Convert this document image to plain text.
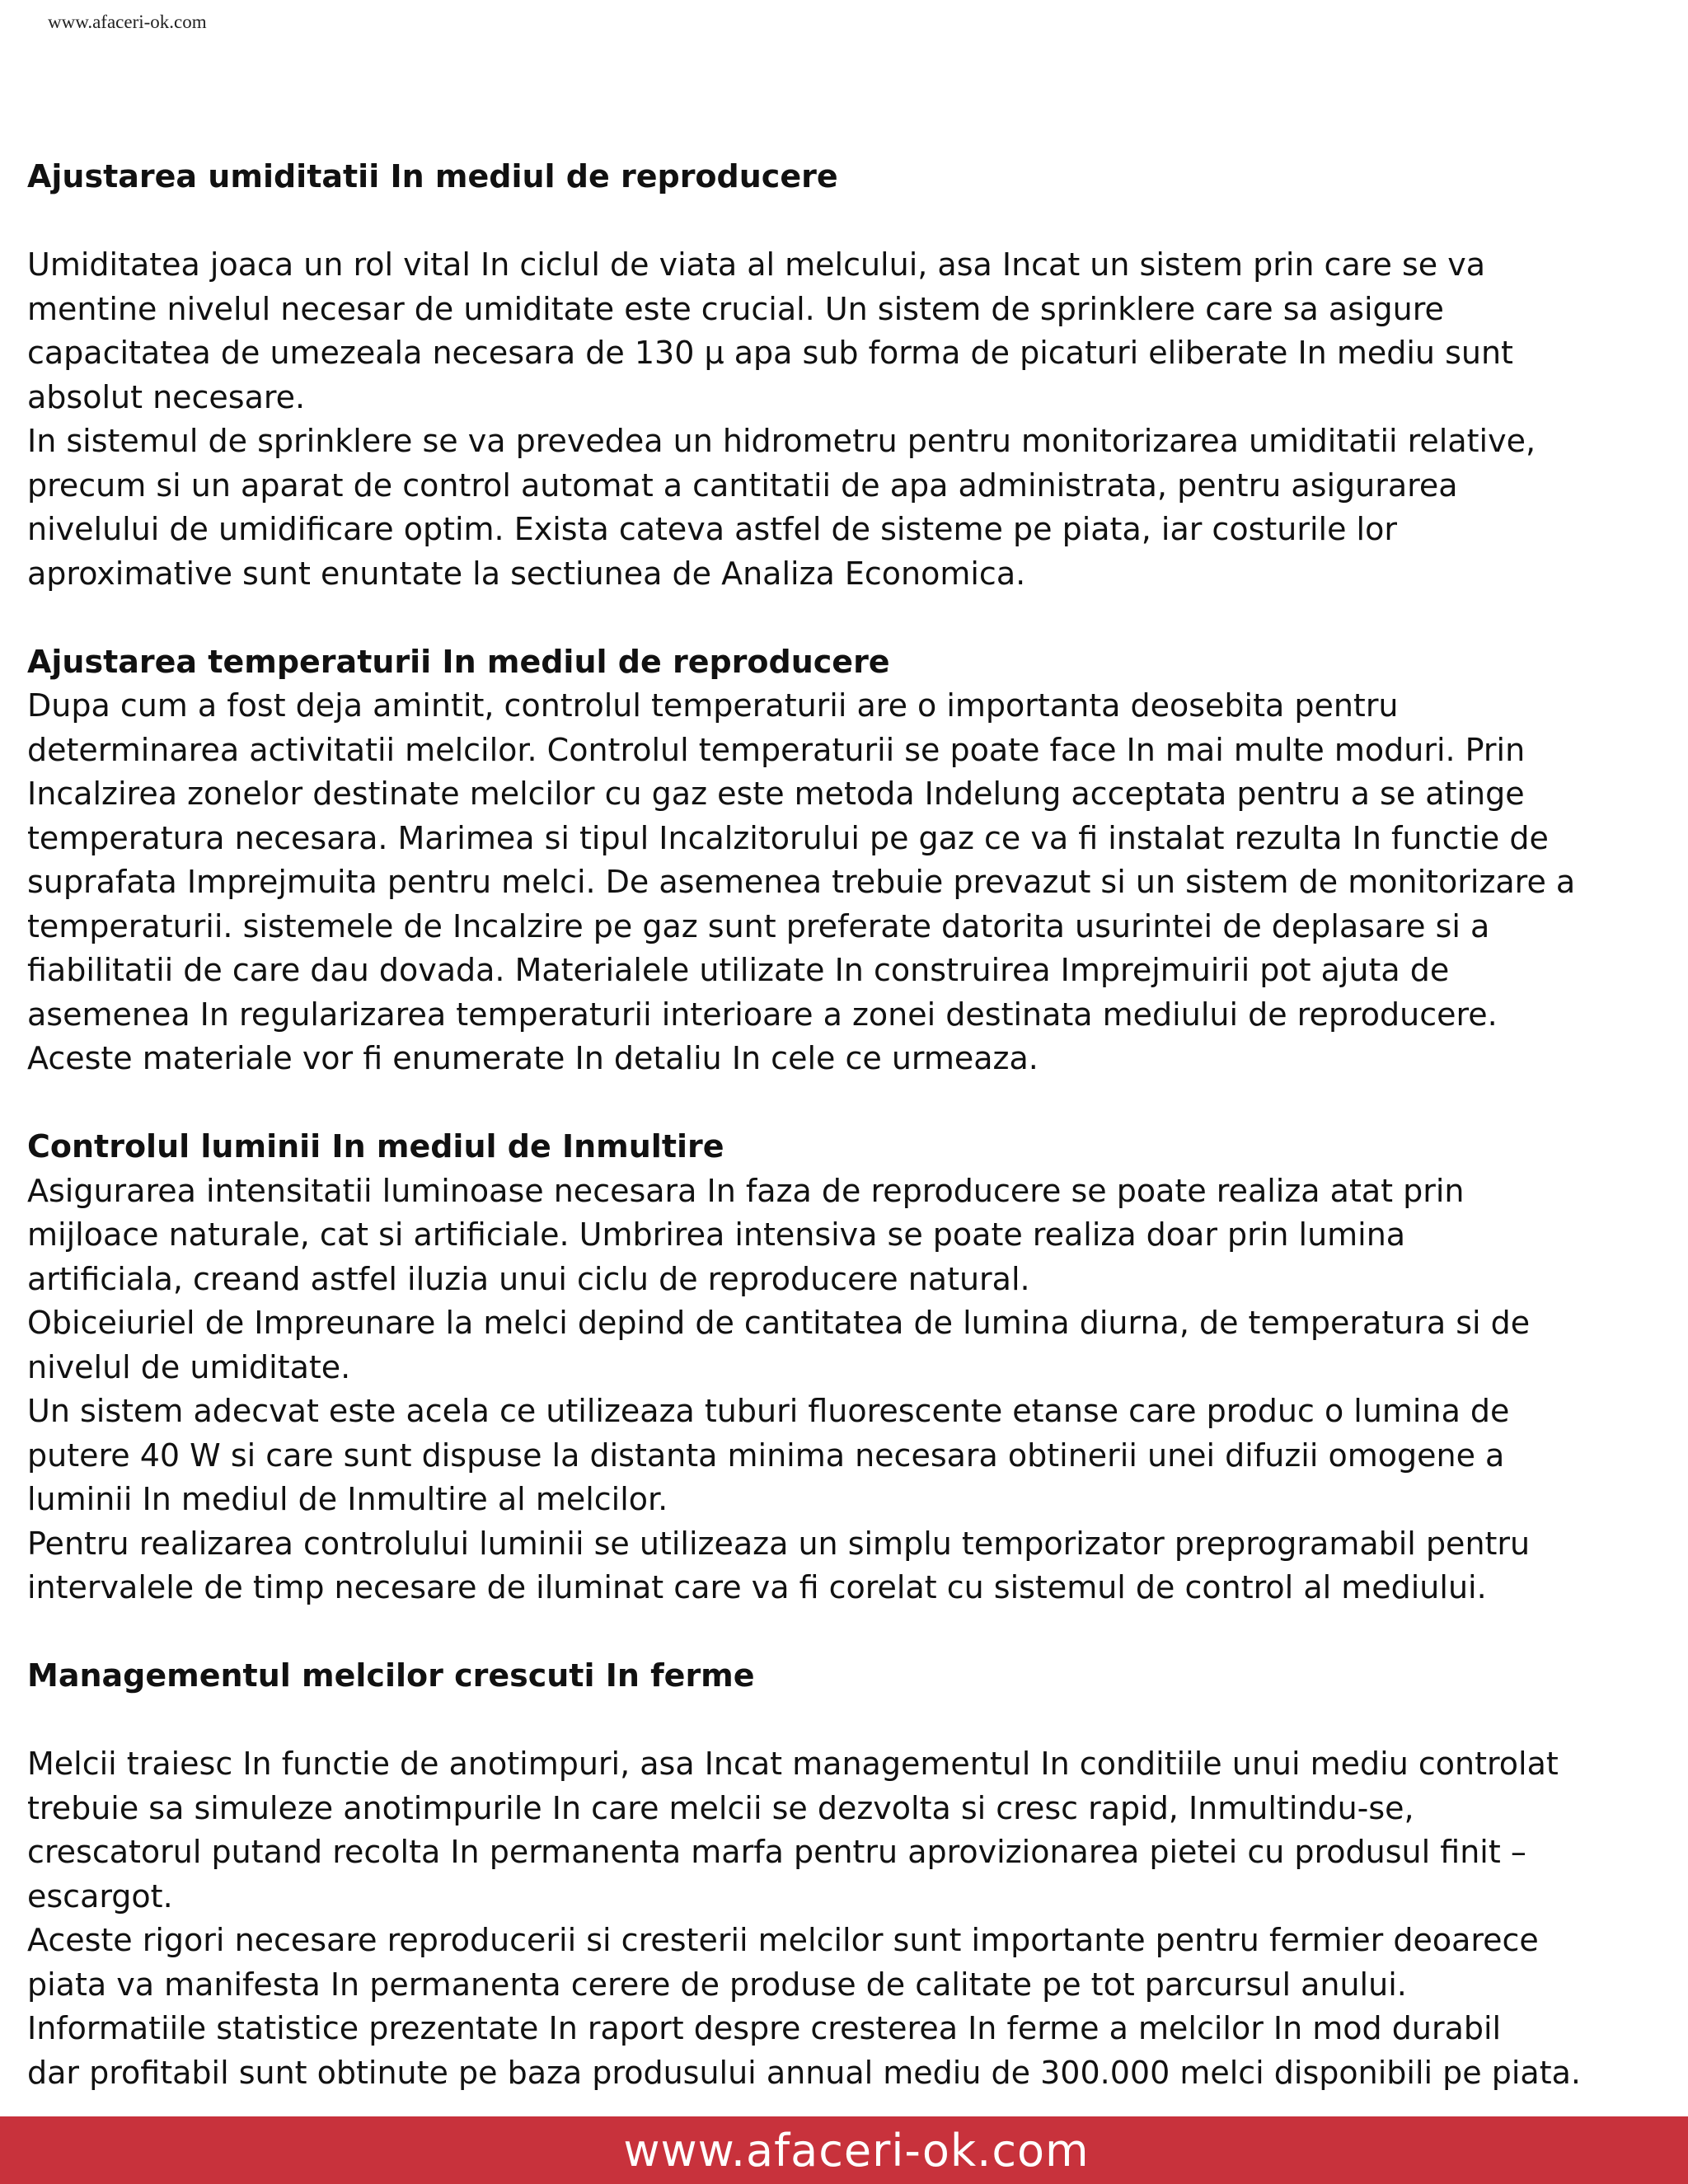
www.afaceri-ok.com
Ajustarea umiditatii In mediul de reproducere

Umiditatea joaca un rol vital In ciclul de viata al melcului, asa Incat un sistem prin care se va
mentine nivelul necesar de umiditate este crucial. Un sistem de sprinklere care sa asigure
capacitatea de umezeala necesara de 130 μ apa sub forma de picaturi eliberate In mediu sunt
absolut necesare.

In sistemul de sprinklere se va prevedea un hidrometru pentru monitorizarea umiditatii relative,
precum si un aparat de control automat a cantitatii de apa administrata, pentru asigurarea
nivelului de umidificare optim. Exista cateva astfel de sisteme pe piata, iar costurile lor
aproximative sunt enuntate la sectiunea de Analiza Economica.

Ajustarea temperaturii In mediul de reproducere

Dupa cum a fost deja amintit, controlul temperaturii are o importanta deosebita pentru
determinarea activitatii melcilor. Controlul temperaturii se poate face In mai multe moduri. Prin
Incalzirea zonelor destinate melcilor cu gaz este metoda Indelung acceptata pentru a se atinge
temperatura necesara. Marimea si tipul Incalzitorului pe gaz ce va fi instalat rezulta In functie de
suprafata Imprejmuita pentru melci. De asemenea trebuie prevazut si un sistem de monitorizare a
temperaturii. sistemele de Incalzire pe gaz sunt preferate datorita usurintei de deplasare si a
fiabilitatii de care dau dovada. Materialele utilizate In construirea Imprejmuirii pot ajuta de
asemenea In regularizarea temperaturii interioare a zonei destinata mediului de reproducere.
Aceste materiale vor fi enumerate In detaliu In cele ce urmeaza.

Controlul luminii In mediul de Inmultire

Asigurarea intensitatii luminoase necesara In faza de reproducere se poate realiza atat prin
mijloace naturale, cat si artificiale. Umbrirea intensiva se poate realiza doar prin lumina
artificiala, creand astfel iluzia unui ciclu de reproducere natural.

Obiceiuriel de Impreunare la melci depind de cantitatea de lumina diurna, de temperatura si de
nivelul de umiditate.

Un sistem adecvat este acela ce utilizeaza tuburi fluorescente etanse care produc o lumina de
putere 40 W si care sunt dispuse la distanta minima necesara obtinerii unei difuzii omogene a
luminii In mediul de Inmultire al melcilor.

Pentru realizarea controlului luminii se utilizeaza un simplu temporizator preprogramabil pentru
intervalele de timp necesare de iluminat care va fi corelat cu sistemul de control al mediului.

Managementul melcilor crescuti In ferme

Melcii traiesc In functie de anotimpuri, asa Incat managementul In conditiile unui mediu controlat
trebuie sa simuleze anotimpurile In care melcii se dezvolta si cresc rapid, Inmultindu-se,
crescatorul putand recolta In permanenta marfa pentru aprovizionarea pietei cu produsul finit –
escargot.

Aceste rigori necesare reproducerii si cresterii melcilor sunt importante pentru fermier deoarece
piata va manifesta In permanenta cerere de produse de calitate pe tot parcursul anului.

Informatiile statistice prezentate In raport despre cresterea In ferme a melcilor In mod durabil
dar profitabil sunt obtinute pe baza produsului annual mediu de 300.000 melci disponibili pe piata.

www.afaceri-ok.com
